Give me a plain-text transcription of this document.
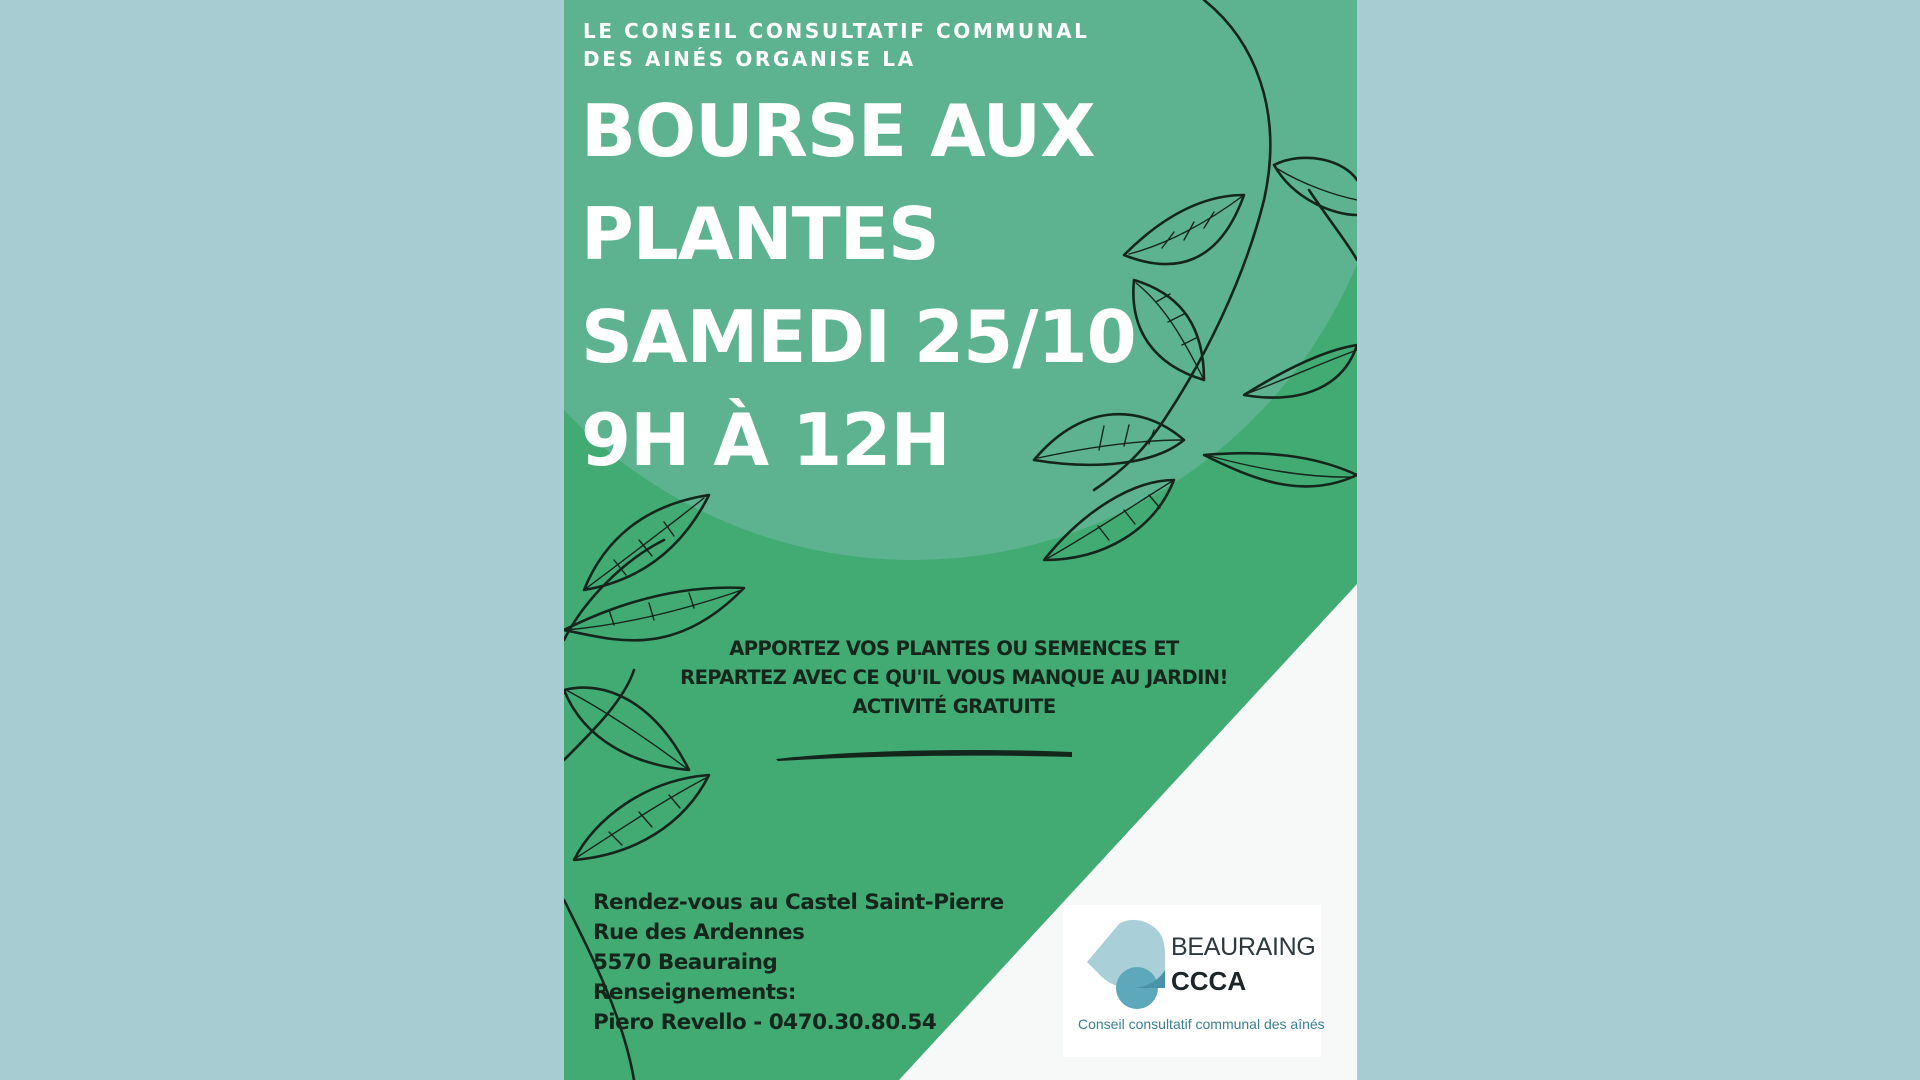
LE CONSEIL CONSULTATIF COMMUNAL
DES AINÉS ORGANISE LA
BOURSE AUX
PLANTES
SAMEDI 25/10
9H À 12H
APPORTEZ VOS PLANTES OU SEMENCES ET
REPARTEZ AVEC CE QU'IL VOUS MANQUE AU JARDIN!
ACTIVITÉ GRATUITE
Rendez-vous au Castel Saint-Pierre
Rue des Ardennes
5570 Beauraing
Renseignements:
Piero Revello - 0470.30.80.54
BEAURAING
CCCA
Conseil consultatif communal des aînés
